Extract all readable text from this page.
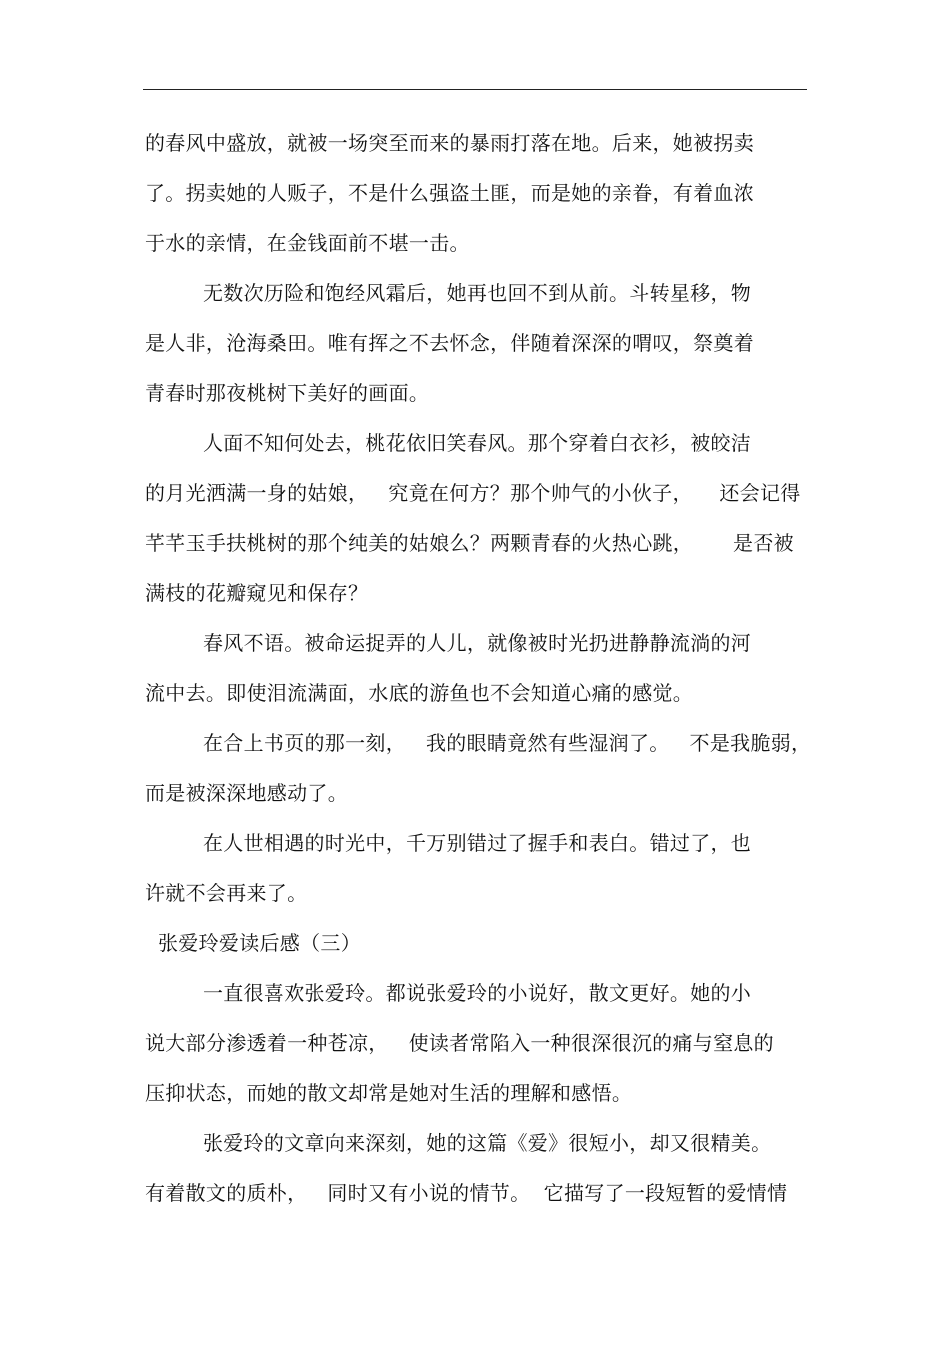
的春风中盛放，就被一场突至而来的暴雨打落在地。后来，她被拐卖
了。拐卖她的人贩子，不是什么强盗土匪，而是她的亲眷，有着血浓
于水的亲情，在金钱面前不堪一击。
无数次历险和饱经风霜后，她再也回不到从前。斗转星移，物
是人非，沧海桑田。唯有挥之不去怀念，伴随着深深的喟叹，祭奠着
青春时那夜桃树下美好的画面。
人面不知何处去，桃花依旧笑春风。那个穿着白衣衫，被皎洁
的月光洒满一身的姑娘，   究竟在何方？那个帅气的小伙子，    还会记得
芊芊玉手扶桃树的那个纯美的姑娘么？两颗青春的火热心跳，      是否被
满枝的花瓣窥见和保存？
春风不语。被命运捉弄的人儿，就像被时光扔进静静流淌的河
流中去。即使泪流满面，水底的游鱼也不会知道心痛的感觉。
在合上书页的那一刻，   我的眼睛竟然有些湿润了。   不是我脆弱，
而是被深深地感动了。
在人世相遇的时光中，千万别错过了握手和表白。错过了，也
许就不会再来了。
张爱玲爱读后感（三）
一直很喜欢张爱玲。都说张爱玲的小说好，散文更好。她的小
说大部分渗透着一种苍凉，   使读者常陷入一种很深很沉的痛与窒息的
压抑状态，而她的散文却常是她对生活的理解和感悟。
张爱玲的文章向来深刻，她的这篇《爱》很短小，却又很精美。
有着散文的质朴，   同时又有小说的情节。  它描写了一段短暂的爱情情
